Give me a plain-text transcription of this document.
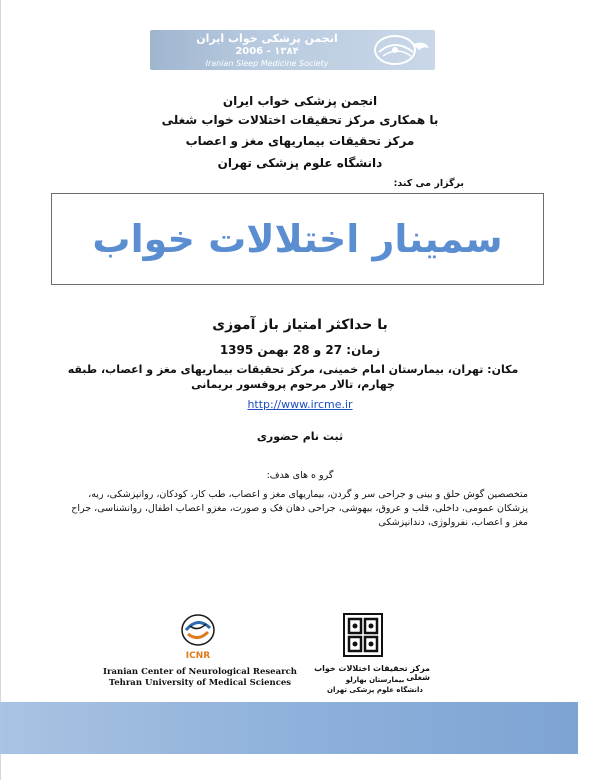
انجمن پزشکی خواب ایران
2006 - ۱۳۸۴
Iranian Sleep Medicine Society
انجمن پزشکی خواب ایران
با همکاری مرکز تحقیقات اختلالات خواب شغلی
مرکز تحقیقات بیماریهای مغز و اعصاب
دانشگاه علوم پزشکی تهران
برگزار می کند:
سمینار اختلالات خواب
با حداکثر امتیاز باز آموزی
زمان: 27 و 28 بهمن 1395
مکان: تهران، بیمارستان امام خمینی، مرکز تحقیقات بیماریهای مغز و اعصاب، طبقه چهارم، تالار مرحوم پروفسور بریمانی
http://www.ircme.ir
ثبت نام حضوری
گرو ه های هدف:
متخصصین گوش حلق و بینی و جراحی سر و گردن، بیماریهای مغز و اعصاب، طب کار، کودکان، روانپزشکی، ریه، پزشکان عمومی، داخلی، قلب و عروق، بیهوشی، جراحی دهان فک و صورت، مغزو اعصاب اطفال، روانشناسی، جراح مغز و اعصاب، نفرولوژی، دندانپزشکی
ICNR
Iranian Center of Neurological Research
Tehran University of Medical Sciences
مرکز تحقیقات اختلالات خواب شغلی
بیمارستان بهارلو
دانشگاه علوم پزشکی تهران
